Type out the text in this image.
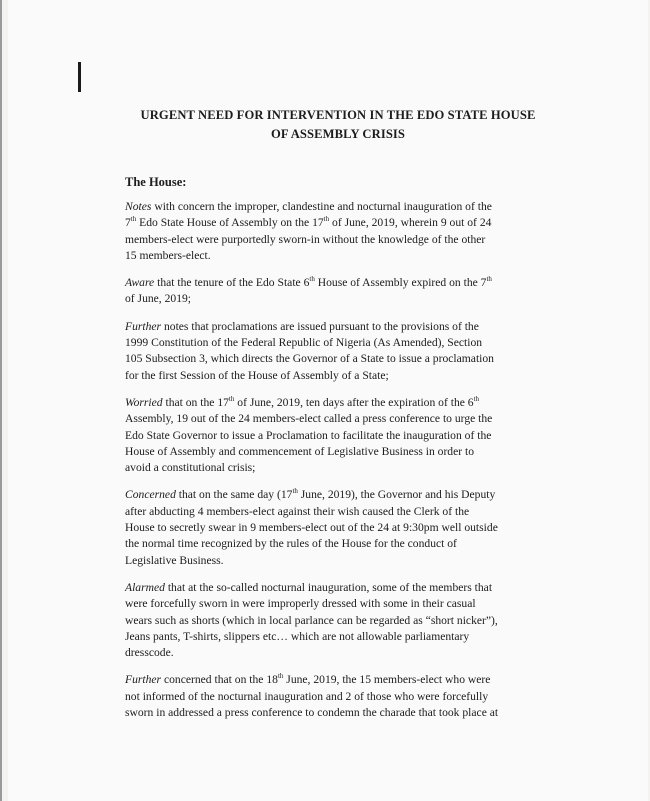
URGENT NEED FOR INTERVENTION IN THE EDO STATE HOUSE
OF ASSEMBLY CRISIS
The House:
Notes with concern the improper, clandestine and nocturnal inauguration of the
7th Edo State House of Assembly on the 17th of June, 2019, wherein 9 out of 24
members-elect were purportedly sworn-in without the knowledge of the other
15 members-elect.
Aware that the tenure of the Edo State 6th House of Assembly expired on the 7th
of June, 2019;
Further notes that proclamations are issued pursuant to the provisions of the
1999 Constitution of the Federal Republic of Nigeria (As Amended), Section
105 Subsection 3, which directs the Governor of a State to issue a proclamation
for the first Session of the House of Assembly of a State;
Worried that on the 17th of June, 2019, ten days after the expiration of the 6th
Assembly, 19 out of the 24 members-elect called a press conference to urge the
Edo State Governor to issue a Proclamation to facilitate the inauguration of the
House of Assembly and commencement of Legislative Business in order to
avoid a constitutional crisis;
Concerned that on the same day (17th June, 2019), the Governor and his Deputy
after abducting 4 members-elect against their wish caused the Clerk of the
House to secretly swear in 9 members-elect out of the 24 at 9:30pm well outside
the normal time recognized by the rules of the House for the conduct of
Legislative Business.
Alarmed that at the so-called nocturnal inauguration, some of the members that
were forcefully sworn in were improperly dressed with some in their casual
wears such as shorts (which in local parlance can be regarded as “short nicker”),
Jeans pants, T-shirts, slippers etc… which are not allowable parliamentary
dresscode.
Further concerned that on the 18th June, 2019, the 15 members-elect who were
not informed of the nocturnal inauguration and 2 of those who were forcefully
sworn in addressed a press conference to condemn the charade that took place at
